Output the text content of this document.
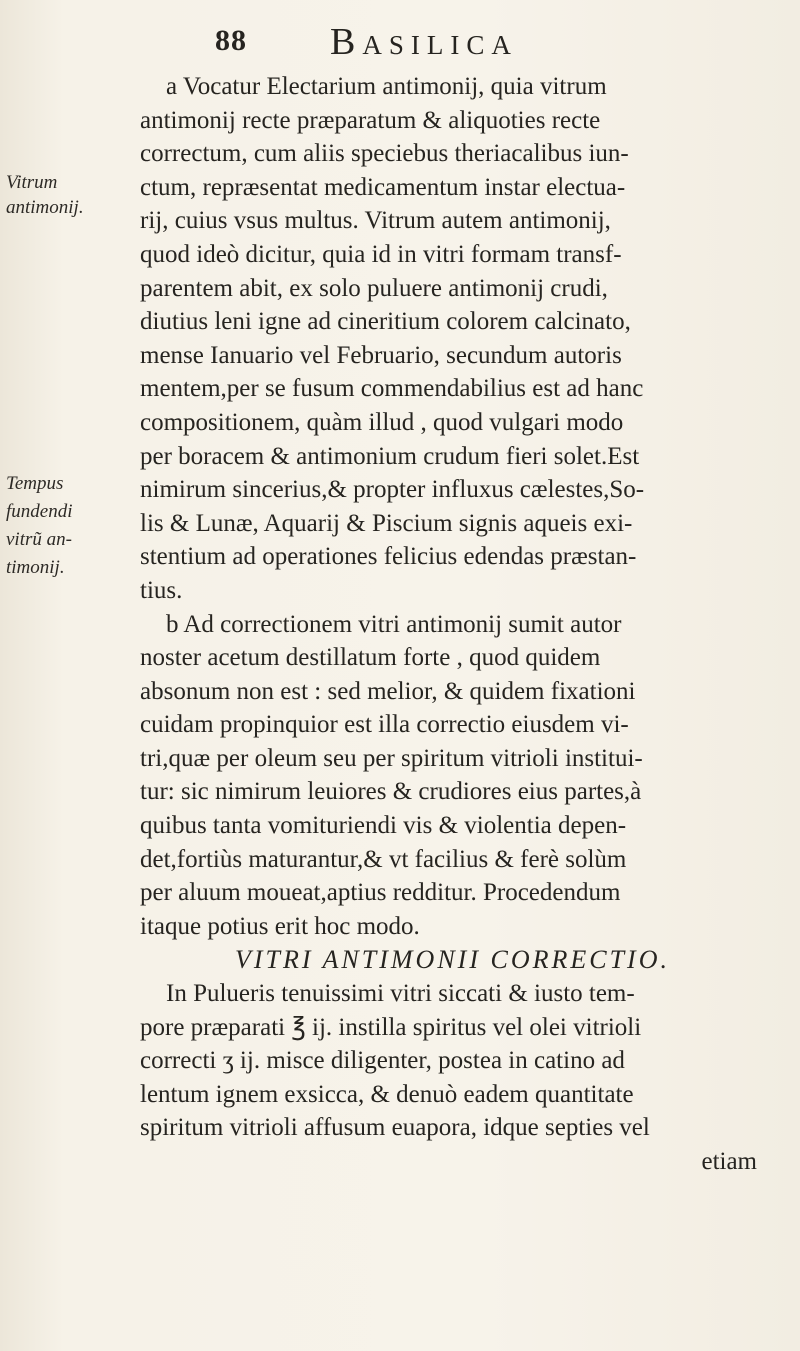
88 Basilica
Vitrum
antimonij.
Tempus
fundendi
vitrũ an-
timonij.
a Vocatur Electarium antimonij, quia vitrum
antimonij recte præparatum & aliquoties recte
correctum, cum aliis speciebus theriacalibus iun-
ctum, repræsentat medicamentum instar electua-
rij, cuius vsus multus. Vitrum autem antimonij,
quod ideò dicitur, quia id in vitri formam transf-
parentem abit, ex solo puluere antimonij crudi,
diutius leni igne ad cineritium colorem calcinato,
mense Ianuario vel Februario, secundum autoris
mentem,per se fusum commendabilius est ad hanc
compositionem, quàm illud , quod vulgari modo
per boracem & antimonium crudum fieri solet.Est
nimirum sincerius,& propter influxus cælestes,So-
lis & Lunæ, Aquarij & Piscium signis aqueis exi-
stentium ad operationes felicius edendas præstan-
tius.
b Ad correctionem vitri antimonij sumit autor
noster acetum destillatum forte , quod quidem
absonum non est : sed melior, & quidem fixationi
cuidam propinquior est illa correctio eiusdem vi-
tri,quæ per oleum seu per spiritum vitrioli institui-
tur: sic nimirum leuiores & crudiores eius partes,à
quibus tanta vomituriendi vis & violentia depen-
det,fortiùs maturantur,& vt facilius & ferè solùm
per aluum moueat,aptius redditur. Procedendum
itaque potius erit hoc modo.
VITRI ANTIMONII CORRECTIO.
In Pulueris tenuissimi vitri siccati & iusto tem-
pore præparati ℥ ij. instilla spiritus vel olei vitrioli
correcti ʒ ij. misce diligenter, postea in catino ad
lentum ignem exsicca, & denuò eadem quantitate
spiritum vitrioli affusum euapora, idque septies vel
etiam
